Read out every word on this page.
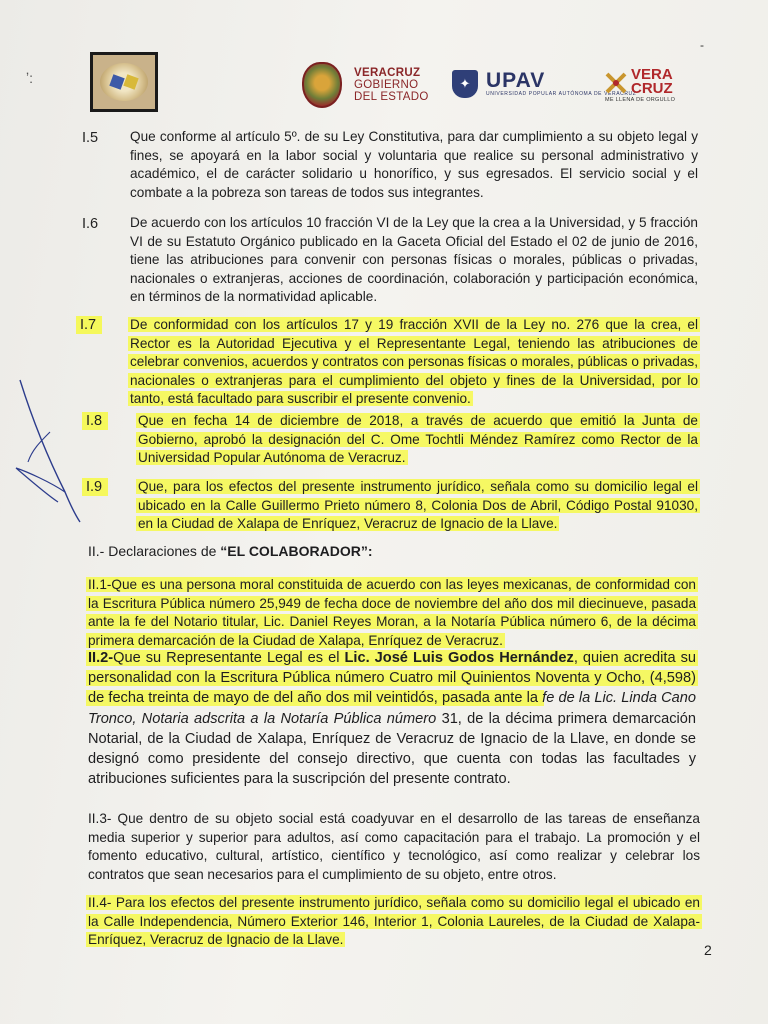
-
ʼ:	VERACRUZ
GOBIERNO
DEL ESTADO
✦ UPAV
UNIVERSIDAD POPULAR AUTÓNOMA DE VERACRUZ
VERA
CRUZ
ME LLENA DE ORGULLO
I.5 Que conforme al artículo 5º. de su Ley Constitutiva, para dar cumplimiento a su objeto legal y fines, se apoyará en la labor social y voluntaria que realice su personal administrativo y académico, el de carácter solidario u honorífico, y sus egresados. El servicio social y el combate a la pobreza son tareas de todos sus integrantes.
I.6 De acuerdo con los artículos 10 fracción VI de la Ley que la crea a la Universidad, y 5 fracción VI de su Estatuto Orgánico publicado en la Gaceta Oficial del Estado el 02 de junio de 2016, tiene las atribuciones para convenir con personas físicas o morales, públicas o privadas, nacionales o extranjeras, acciones de coordinación, colaboración y participación económica, en términos de la normatividad aplicable.
I.7	De conformidad con los artículos 17 y 19 fracción XVII de la Ley no. 276 que la crea, el Rector es la Autoridad Ejecutiva y el Representante Legal, teniendo las atribuciones de celebrar convenios, acuerdos y contratos con personas físicas o morales, públicas o privadas, nacionales o extranjeras para el cumplimiento del objeto y fines de la Universidad, por lo tanto, está facultado para suscribir el presente convenio.
I.8	Que en fecha 14 de diciembre de 2018, a través de acuerdo que emitió la Junta de Gobierno, aprobó la designación del C. Ome Tochtli Méndez Ramírez como Rector de la Universidad Popular Autónoma de Veracruz.
I.9	Que, para los efectos del presente instrumento jurídico, señala como su domicilio legal el ubicado en la Calle Guillermo Prieto número 8, Colonia Dos de Abril, Código Postal 91030, en la Ciudad de Xalapa de Enríquez, Veracruz de Ignacio de la Llave.
II.- Declaraciones de “EL COLABORADOR”:
II.1-Que es una persona moral constituida de acuerdo con las leyes mexicanas, de conformidad con la Escritura Pública número 25,949 de fecha doce de noviembre del año dos mil diecinueve, pasada ante la fe del Notario titular, Lic. Daniel Reyes Moran, a la Notaría Pública número 6, de la décima primera demarcación de la Ciudad de Xalapa, Enríquez de Veracruz.
II.2-Que su Representante Legal es el Lic. José Luis Godos Hernández, quien acredita su personalidad con la Escritura Pública número Cuatro mil Quinientos Noventa y Ocho, (4,598) de fecha treinta de mayo de del año dos mil veintidós, pasada ante la fe de la Lic. Linda Cano Tronco, Notaria adscrita a la Notaría Pública número 31, de la décima primera demarcación Notarial, de la Ciudad de Xalapa, Enríquez de Veracruz de Ignacio de la Llave, en donde se designó como presidente del consejo directivo, que cuenta con todas las facultades y atribuciones suficientes para la suscripción del presente contrato.
II.3- Que dentro de su objeto social está coadyuvar en el desarrollo de las tareas de enseñanza media superior y superior para adultos, así como capacitación para el trabajo. La promoción y el fomento educativo, cultural, artístico, científico y tecnológico, así como realizar y celebrar los contratos que sean necesarios para el cumplimiento de su objeto, entre otros.
II.4- Para los efectos del presente instrumento jurídico, señala como su domicilio legal el ubicado en la Calle Independencia, Número Exterior 146, Interior 1, Colonia Laureles, de la Ciudad de Xalapa-Enríquez, Veracruz de Ignacio de la Llave.
2
